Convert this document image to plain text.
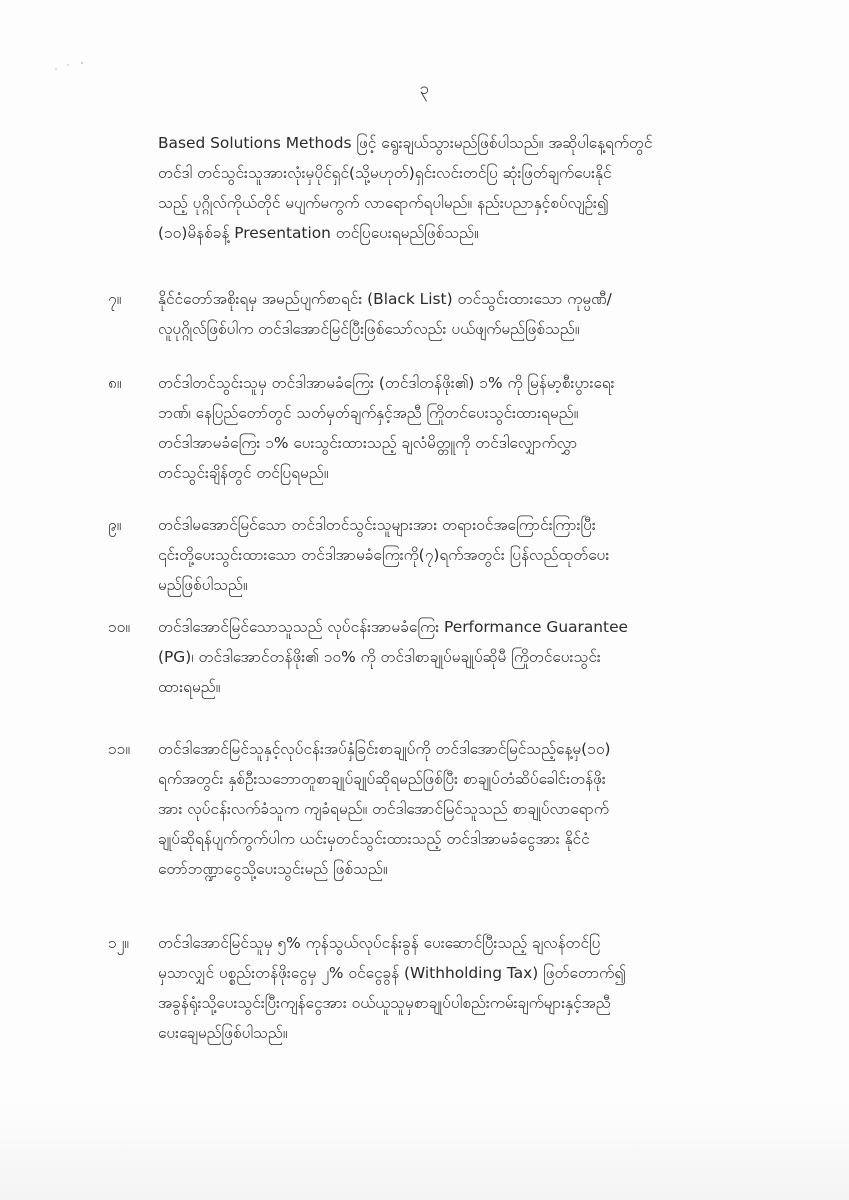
၃
Based Solutions Methods ဖြင့် ရွေးချယ်သွားမည်ဖြစ်ပါသည်။ အဆိုပါနေ့ရက်တွင်
တင်ဒါ တင်သွင်းသူအားလုံးမှပိုင်ရှင်(သို့မဟုတ်)ရှင်းလင်းတင်ပြ ဆုံးဖြတ်ချက်ပေးနိုင်
သည့် ပုဂ္ဂိုလ်ကိုယ်တိုင် မပျက်မကွက် လာရောက်ရပါမည်။ နည်းပညာနှင့်စပ်လျဉ်း၍
(၁၀)မိနစ်ခန့် Presentation တင်ပြပေးရမည်ဖြစ်သည်။
၇။	နိုင်ငံတော်အစိုးရမှ အမည်ပျက်စာရင်း (Black List) တင်သွင်းထားသော ကုမ္ပဏီ/
လူပုဂ္ဂိုလ်ဖြစ်ပါက တင်ဒါအောင်မြင်ပြီးဖြစ်သော်လည်း ပယ်ဖျက်မည်ဖြစ်သည်။
၈။	တင်ဒါတင်သွင်းသူမှ တင်ဒါအာမခံကြေး (တင်ဒါတန်ဖိုး၏) ၁% ကို မြန်မာ့စီးပွားရေး
ဘဏ်၊ နေပြည်တော်တွင် သတ်မှတ်ချက်နှင့်အညီ ကြိုတင်ပေးသွင်းထားရမည်။
တင်ဒါအာမခံကြေး ၁% ပေးသွင်းထားသည့် ချလံမိတ္တူကို တင်ဒါလျှောက်လွှာ
တင်သွင်းချိန်တွင် တင်ပြရမည်။
၉။	တင်ဒါမအောင်မြင်သော တင်ဒါတင်သွင်းသူများအား တရားဝင်အကြောင်းကြားပြီး
၎င်းတို့ပေးသွင်းထားသော တင်ဒါအာမခံကြေးကို(၇)ရက်အတွင်း ပြန်လည်ထုတ်ပေး
မည်ဖြစ်ပါသည်။
၁၀။	တင်ဒါအောင်မြင်သောသူသည် လုပ်ငန်းအာမခံကြေး Performance Guarantee
(PG)၊ တင်ဒါအောင်တန်ဖိုး၏ ၁၀% ကို တင်ဒါစာချုပ်မချုပ်ဆိုမီ ကြိုတင်ပေးသွင်း
ထားရမည်။
၁၁။	တင်ဒါအောင်မြင်သူနှင့်လုပ်ငန်းအပ်နှံခြင်းစာချုပ်ကို တင်ဒါအောင်မြင်သည့်နေ့မှ(၁၀)
ရက်အတွင်း နှစ်ဦးသဘောတူစာချုပ်ချုပ်ဆိုရမည်ဖြစ်ပြီး စာချုပ်တံဆိပ်ခေါင်းတန်ဖိုး
အား လုပ်ငန်းလက်ခံသူက ကျခံရမည်။ တင်ဒါအောင်မြင်သူသည် စာချုပ်လာရောက်
ချုပ်ဆိုရန်ပျက်ကွက်ပါက ယင်းမှတင်သွင်းထားသည့် တင်ဒါအာမခံငွေအား နိုင်ငံ
တော်ဘဏ္ဍာငွေသို့ပေးသွင်းမည် ဖြစ်သည်။
၁၂။	တင်ဒါအောင်မြင်သူမှ ၅% ကုန်သွယ်လုပ်ငန်းခွန် ပေးဆောင်ပြီးသည့် ချလန်တင်ပြ
မှသာလျှင် ပစ္စည်းတန်ဖိုးငွေမှ ၂% ဝင်ငွေခွန် (Withholding Tax) ဖြတ်တောက်၍
အခွန်ရုံးသို့ပေးသွင်းပြီးကျန်ငွေအား ဝယ်ယူသူမှစာချုပ်ပါစည်းကမ်းချက်များနှင့်အညီ
ပေးချေမည်ဖြစ်ပါသည်။
